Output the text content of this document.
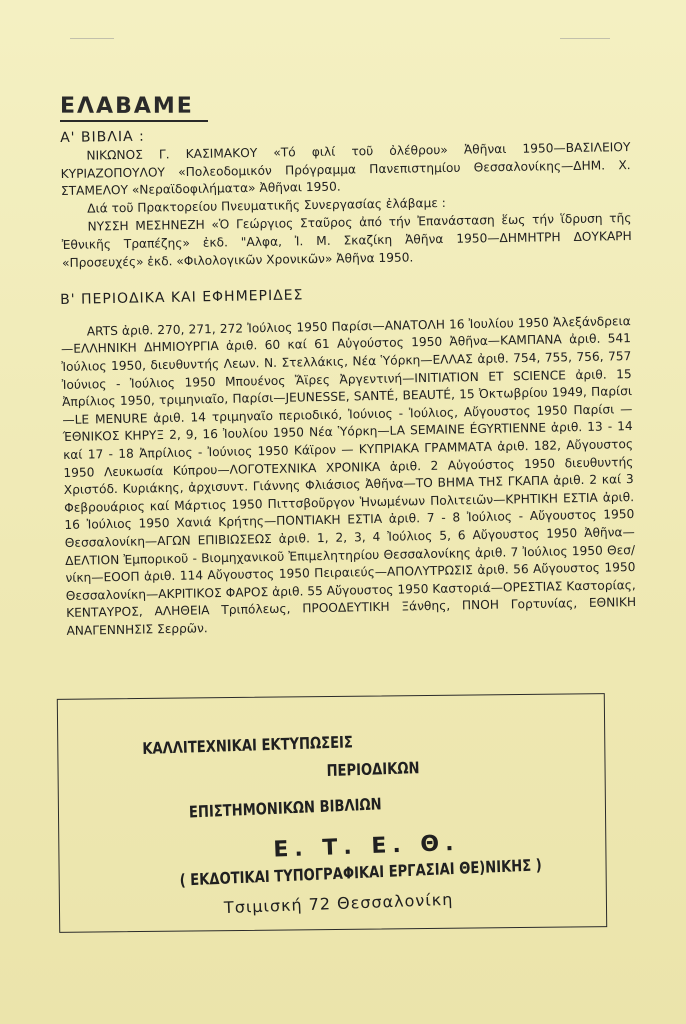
ΕΛΑΒΑΜΕ
Α' ΒΙΒΛΙΑ :

ΝΙΚΩΝΟΣ Γ. ΚΑΣΙΜΑΚΟΥ «Τό φιλί τοῦ ὀλέθρου» Ἀθῆναι 1950—ΒΑΣΙΛΕΙΟΥ ΚΥΡΙΑΖΟΠΟΥΛΟΥ «Πολεοδομικόν Πρόγραμμα Πανεπιστημίου Θεσσαλονίκης—ΔΗΜ. Χ. ΣΤΑΜΕΛΟΥ «Νεραϊδοφιλήματα» Ἀθῆναι 1950.

Διά τοῦ Πρακτορείου Πνευματικῆς Συνεργασίας ἐλάβαμε :

ΝΥΣΣΗ ΜΕΣΗΝΕΖΗ «Ὁ Γεώργιος Σταῦρος ἀπό τήν Ἐπανάσταση ἕως τήν ἵδρυση τῆς Ἐθνικῆς Τραπέζης» ἐκδ. "Αλφα, Ἰ. Μ. Σκαζίκη Ἀθῆνα 1950—ΔΗΜΗΤΡΗ ΔΟΥΚΑΡΗ «Προσευχές» ἐκδ. «Φιλολογικῶν Χρονικῶν» Ἀθῆνα 1950.

Β' ΠΕΡΙΟΔΙΚΑ ΚΑΙ ΕΦΗΜΕΡΙΔΕΣ

ARTS ἀριθ. 270, 271, 272 Ἰούλιος 1950 Παρίσι—ΑΝΑΤΟΛΗ 16 Ἰουλίου 1950 Ἀλεξάνδρεια—ΕΛΛΗΝΙΚΗ ΔΗΜΙΟΥΡΓΙΑ ἀριθ. 60 καί 61 Αὐγούστος 1950 Ἀθῆνα—ΚΑΜΠΑΝΑ ἀριθ. 541 Ἰούλιος 1950, διευθυντής Λεων. Ν. Στελλάκις, Νέα Ὑόρκη—ΕΛΛΑΣ ἀριθ. 754, 755, 756, 757 Ἰούνιος - Ἰούλιος 1950 Μπουένος Ἄϊρες Ἀργεντινή—INITIATION ET SCIENCE ἀριθ. 15 Ἀπρίλιος 1950, τριμηνιαῖο, Παρίσι—JEUNESSE, SANTÉ, BEAUTÉ, 15 Ὀκτωβρίου 1949, Παρίσι—LE MENURE ἀριθ. 14 τριμηναῖο περιοδικό, Ἰούνιος - Ἰούλιος, Αὔγουστος 1950 Παρίσι — ΈΘΝΙΚΟΣ ΚΗΡΥΞ 2, 9, 16 Ἰουλίου 1950 Νέα Ὑόρκη—LA SEMAINE ÉGYRTIENNE ἀριθ. 13 - 14 καί 17 - 18 Ἀπρίλιος - Ἰούνιος 1950 Κάϊρον — ΚΥΠΡΙΑΚΑ ΓΡΑΜΜΑΤΑ ἀριθ. 182, Αὔγουστος 1950 Λευκωσία Κύπρου—ΛΟΓΟΤΕΧΝΙΚΑ ΧΡΟΝΙΚΑ ἀριθ. 2 Αὐγούστος 1950 διευθυντής Χριστόδ. Κυριάκης, ἀρχισυντ. Γιάννης Φλιάσιος Ἀθῆνα—ΤΟ ΒΗΜΑ ΤΗΣ ΓΚΑΠΑ ἀριθ. 2 καί 3 Φεβρουάριος καί Μάρτιος 1950 Πιττσβοῦργον Ἡνωμένων Πολιτειῶν—ΚΡΗΤΙΚΗ ΕΣΤΙΑ ἀριθ. 16 Ἰούλιος 1950 Χανιά Κρήτης—ΠΟΝΤΙΑΚΗ ΕΣΤΙΑ ἀριθ. 7 - 8 Ἰούλιος - Αὔγουστος 1950 Θεσσαλονίκη—ΑΓΩΝ ΕΠΙΒΙΩΣΕΩΣ ἀριθ. 1, 2, 3, 4 Ἰούλιος 5, 6 Αὔγουστος 1950 Ἀθῆνα—ΔΕΛΤΙΟΝ Ἐμπορικοῦ - Βιομηχανικοῦ Ἐπιμελητηρίου Θεσσαλονίκης ἀριθ. 7 Ἰούλιος 1950 Θεσ/νίκη—ΕΟΟΠ ἀριθ. 114 Αὔγουστος 1950 Πειραιεύς—ΑΠΟΛΥΤΡΩΣΙΣ ἀριθ. 56 Αὔγουστος 1950 Θεσσαλονίκη—ΑΚΡΙΤΙΚΟΣ ΦΑΡΟΣ ἀριθ. 55 Αὔγουστος 1950 Καστοριά—ΟΡΕΣΤΙΑΣ Καστορίας, ΚΕΝΤΑΥΡΟΣ, ΑΛΗΘΕΙΑ Τριπόλεως, ΠΡΟΟΔΕΥΤΙΚΗ Ξάνθης, ΠΝΟΗ Γορτυνίας, ΕΘΝΙΚΗ ΑΝΑΓΕΝΝΗΣΙΣ Σερρῶν.

ΚΑΛΛΙΤΕΧΝΙΚΑΙ ΕΚΤΥΠΩΣΕΙΣ
ΠΕΡΙΟΔΙΚΩΝ
ΕΠΙΣΤΗΜΟΝΙΚΩΝ ΒΙΒΛΙΩΝ
Ε. Τ. Ε. Θ.
( ΕΚΔΟΤΙΚΑΙ ΤΥΠΟΓΡΑΦΙΚΑΙ ΕΡΓΑΣΙΑΙ ΘΕ)ΝΙΚΗΣ )
Τσιμισκή 72 Θεσσαλονίκη
